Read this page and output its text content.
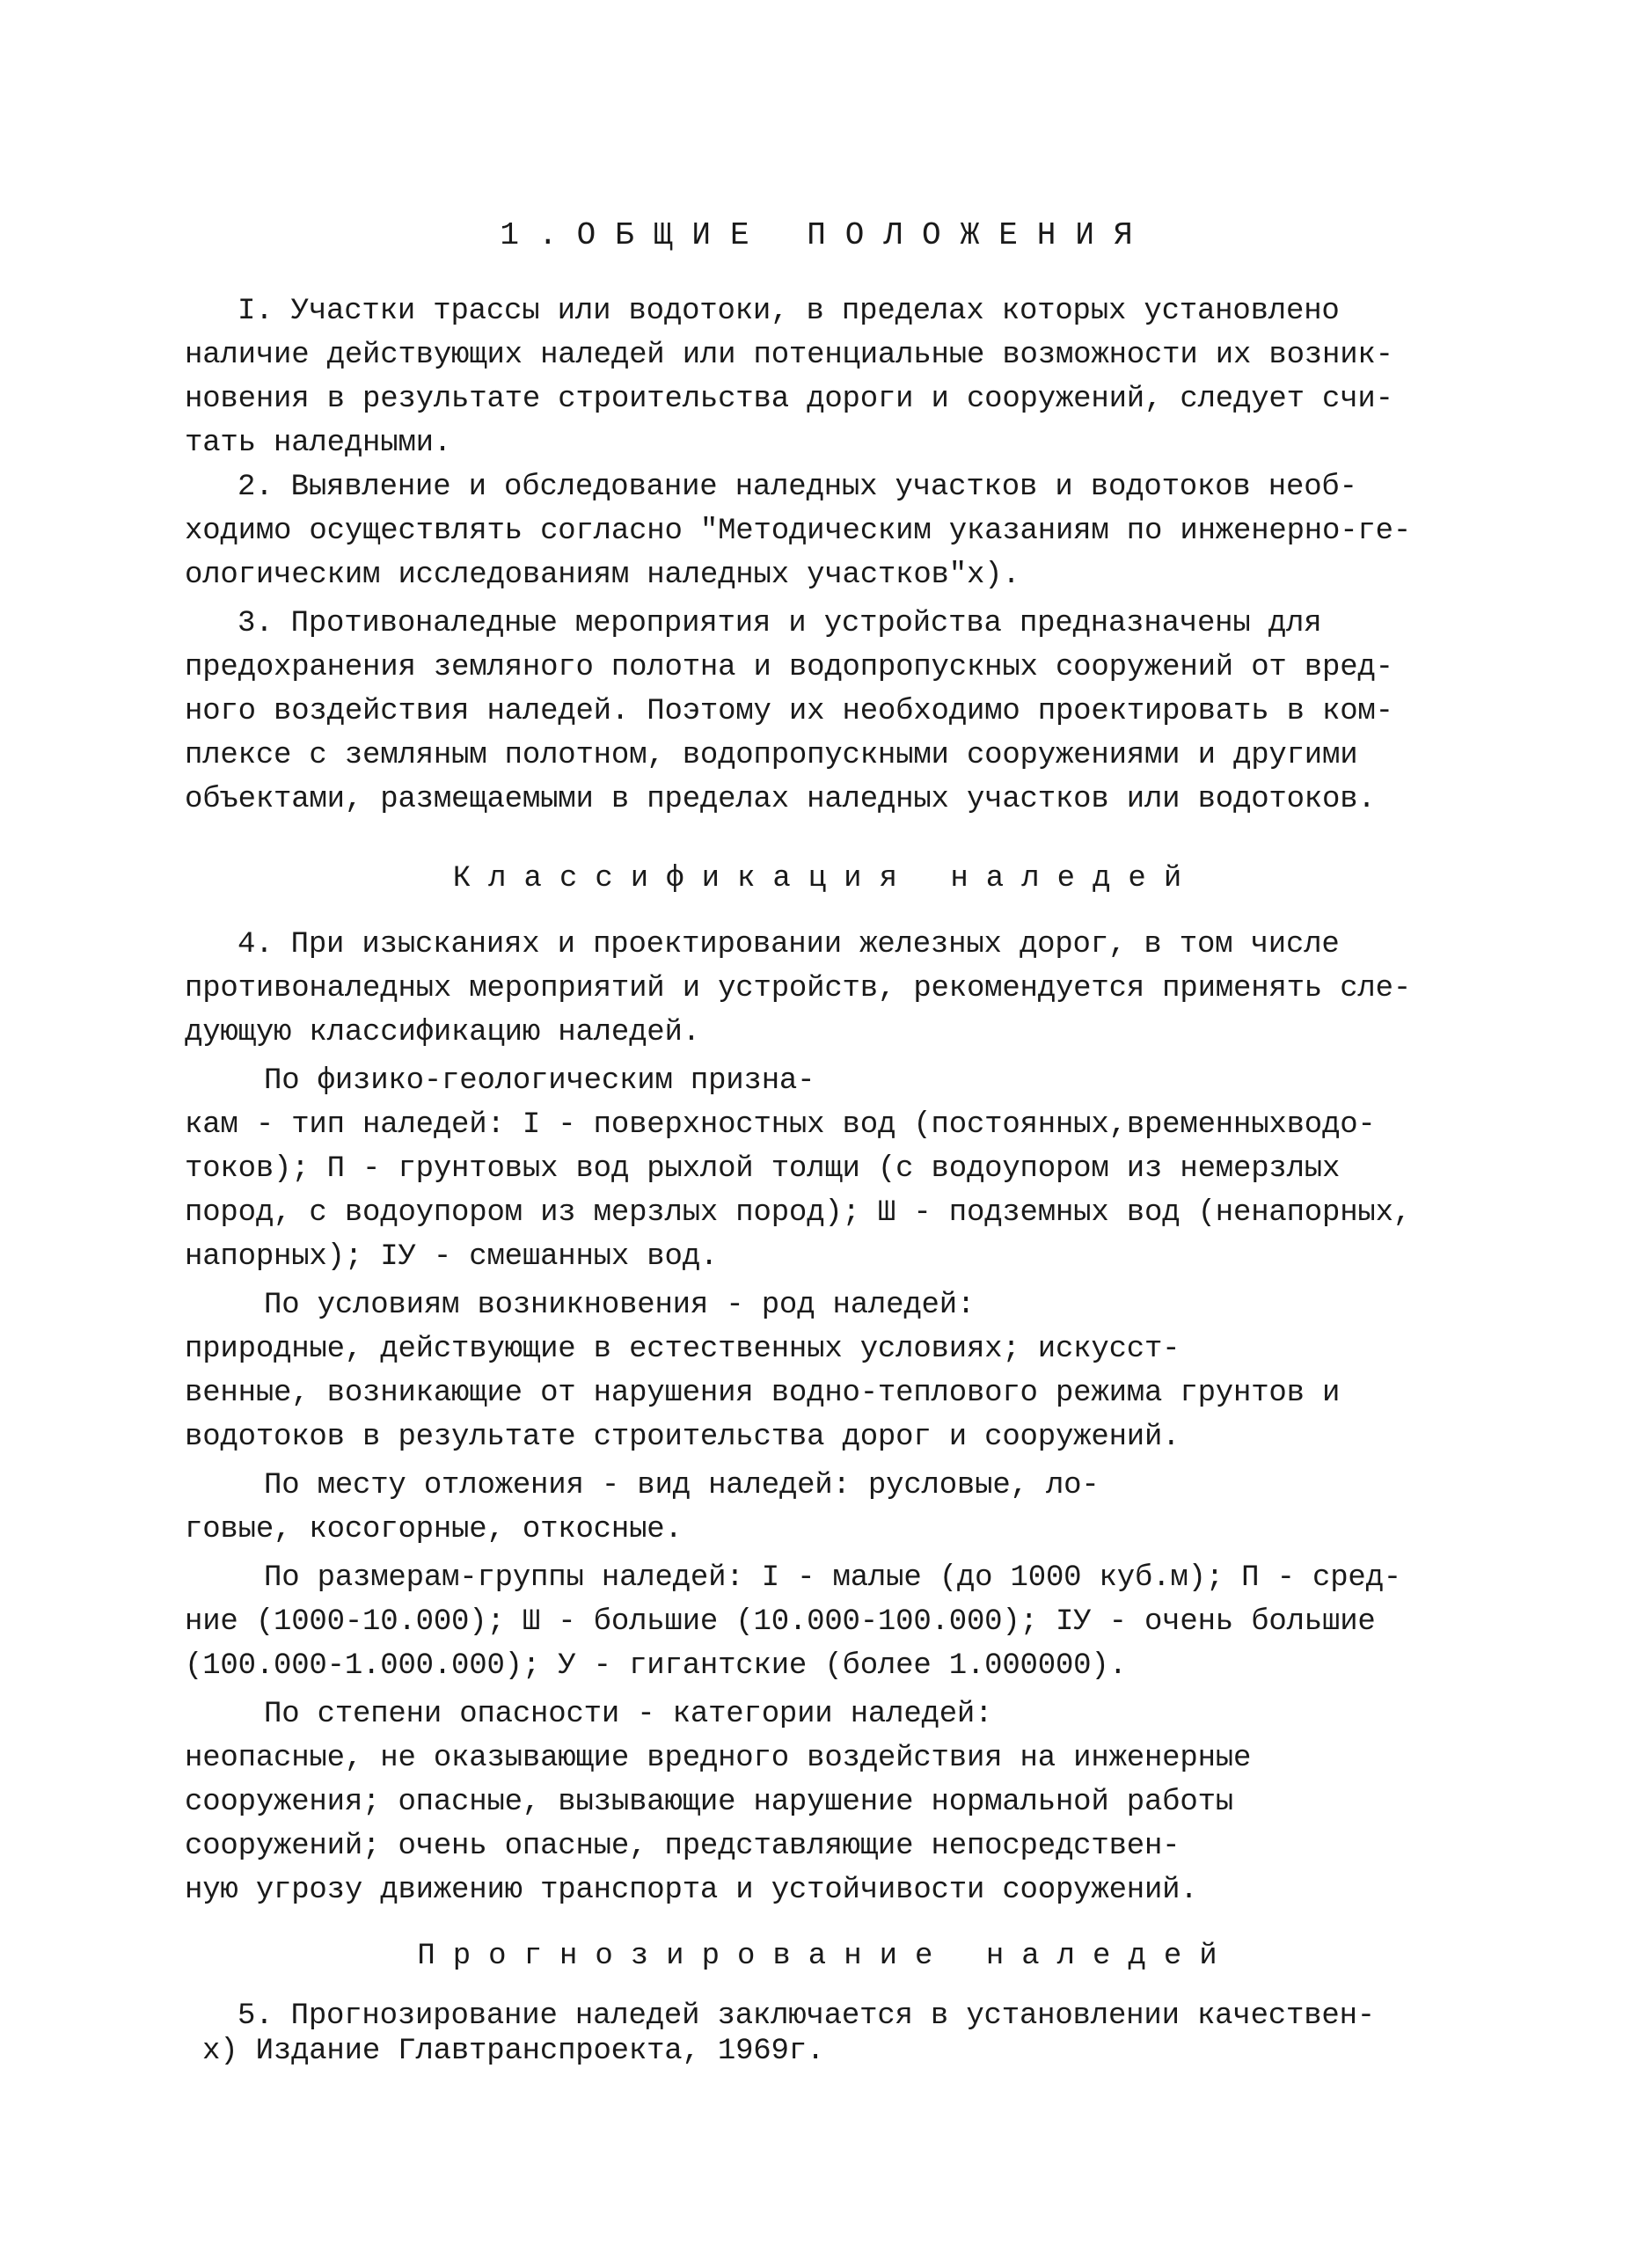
1.ОБЩИЕ ПОЛОЖЕНИЯ
I. Участки трассы или водотоки, в пределах которых установлено
наличие действующих наледей или потенциальные возможности их возник-
новения в результате строительства дороги и сооружений, следует счи-
тать наледными.
2. Выявление и обследование наледных участков и водотоков необ-
ходимо осуществлять согласно "Методическим указаниям по инженерно-ге-
ологическим исследованиям наледных участков"x).
3. Противоналедные мероприятия и устройства предназначены для
предохранения земляного полотна и водопропускных сооружений от вред-
ного воздействия наледей. Поэтому их необходимо проектировать в ком-
плексе с земляным полотном, водопропускными сооружениями и другими
объектами, размещаемыми в пределах наледных участков или водотоков.
Классификация наледей
4. При изысканиях и проектировании железных дорог, в том числе
противоналедных мероприятий и устройств, рекомендуется применять сле-
дующую классификацию наледей.
По физико-геологическим призна-
кам - тип наледей: I - поверхностных вод (постоянных,временныхводо-
токов); П - грунтовых вод рыхлой толщи (с водоупором из немерзлых
пород, с водоупором из мерзлых пород); Ш - подземных вод (ненапорных,
напорных); IУ - смешанных вод.
По условиям возникновения - род наледей:
природные, действующие в естественных условиях; искусст-
венные, возникающие от нарушения водно-теплового режима грунтов и
водотоков в результате строительства дорог и сооружений.
По месту отложения - вид наледей: русловые, ло-
говые, косогорные, откосные.
По размерам-группы наледей: I - малые (до 1000 куб.м); П - сред-
ние (1000-10.000); Ш - большие (10.000-100.000); IУ - очень большие
(100.000-1.000.000); У - гигантские (более 1.000000).
По степени опасности - категории наледей:
неопасные, не оказывающие вредного воздействия на инженерные
сооружения; опасные, вызывающие нарушение нормальной работы
сооружений; очень опасные, представляющие непосредствен-
ную угрозу движению транспорта и устойчивости сооружений.
Прогнозирование наледей
5. Прогнозирование наледей заключается в установлении качествен-
x) Издание Главтранспроекта, 1969г.
